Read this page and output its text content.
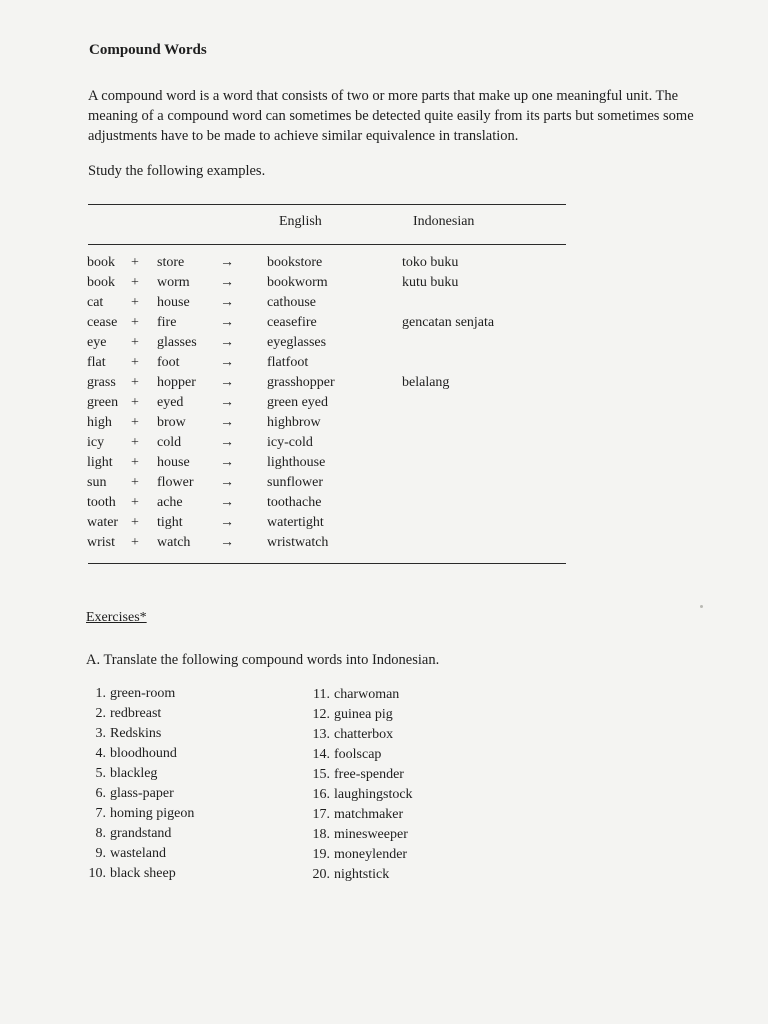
Compound Words

A compound word is a word that consists of two or more parts that make up one meaningful unit. The
meaning of a compound word can sometimes be detected quite easily from its parts but sometimes some
adjustments have to be made to achieve similar equivalence in translation.

Study the following examples.

English	Indonesian
book + store	→ bookstore	toko buku
book + worm → bookworm	kutu buku
cat + house → cathouse
cease + fire	→ ceasefire	gencatan senjata
eye + glasses → eyeglasses
flat + foot	→ flatfoot
grass + hopper → grasshopper	belalang
green + eyed	→ green eyed
high + brow → highbrow
icy + cold	→ icy-cold
light + house → lighthouse
sun + flower → sunflower
tooth + ache	→ toothache
water + tight	→ watertight
wrist + watch → wristwatch

Exercises*

A. Translate the following compound words into Indonesian.

1. green-room
2. redbreast
3. Redskins
4. bloodhound
5. blackleg
6. glass-paper
7. homing pigeon
8. grandstand
9. wasteland
10. black sheep
11. charwoman
12. guinea pig
13. chatterbox
14. foolscap
15. free-spender
16. laughingstock
17. matchmaker
18. minesweeper
19. moneylender
20. nightstick
